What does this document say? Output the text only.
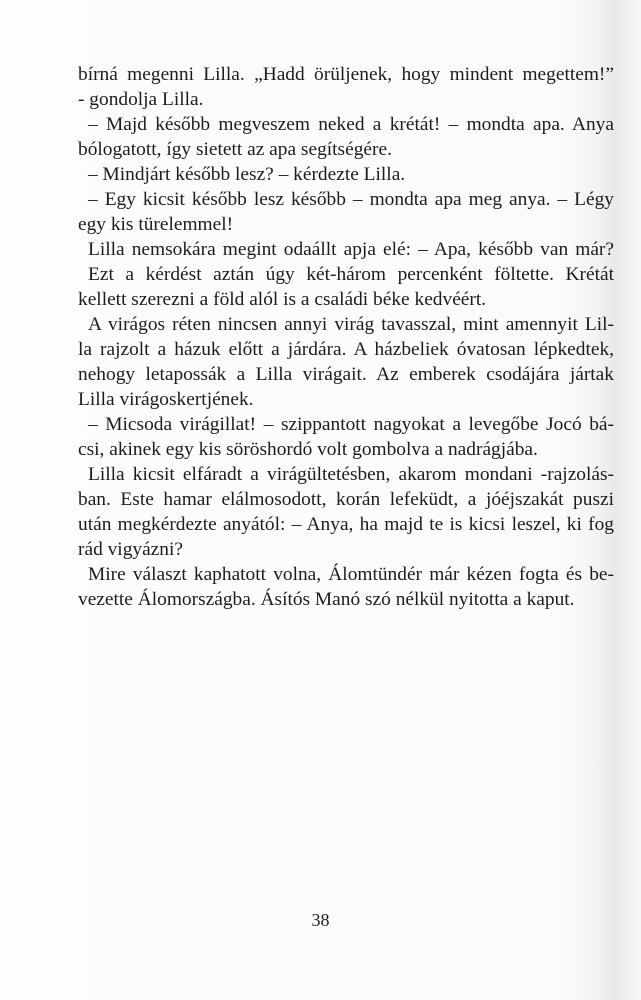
bírná megenni Lilla. „Hadd örüljenek, hogy mindent megettem!”
- gondolja Lilla.
– Majd később megveszem neked a krétát! – mondta apa. Anya
bólogatott, így sietett az apa segítségére.
– Mindjárt később lesz? – kérdezte Lilla.
– Egy kicsit később lesz később – mondta apa meg anya. – Légy
egy kis türelemmel!
Lilla nemsokára megint odaállt apja elé: – Apa, később van már?
Ezt a kérdést aztán úgy két-három percenként föltette. Krétát
kellett szerezni a föld alól is a családi béke kedvéért.
A virágos réten nincsen annyi virág tavasszal, mint amennyit Lil-
la rajzolt a házuk előtt a járdára. A házbeliek óvatosan lépkedtek,
nehogy letapossák a Lilla virágait. Az emberek csodájára jártak
Lilla virágoskertjének.
– Micsoda virágillat! – szippantott nagyokat a levegőbe Jocó bá-
csi, akinek egy kis söröshordó volt gombolva a nadrágjába.
Lilla kicsit elfáradt a virágültetésben, akarom mondani -rajzolás-
ban. Este hamar elálmosodott, korán lefeküdt, a jóéjszakát puszi
után megkérdezte anyától: – Anya, ha majd te is kicsi leszel, ki fog
rád vigyázni?
Mire választ kaphatott volna, Álomtündér már kézen fogta és be-
vezette Álomországba. Ásítós Manó szó nélkül nyitotta a kaput.
38
